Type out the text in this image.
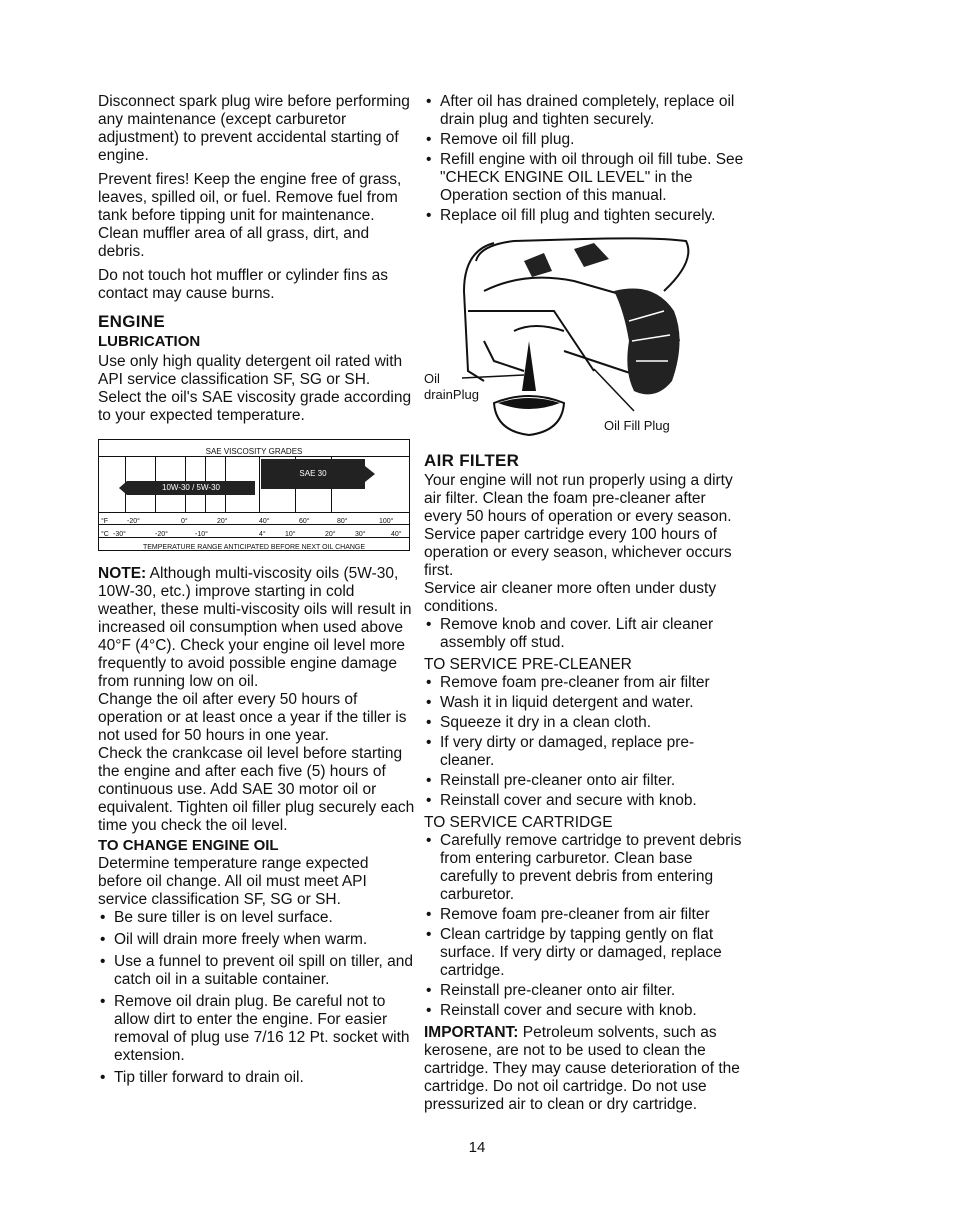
Disconnect spark plug wire before performing any maintenance (except carburetor adjustment) to prevent accidental starting of engine.

Prevent fires! Keep the engine free of grass, leaves, spilled oil, or fuel. Remove fuel from tank before tipping unit for maintenance. Clean muffler area of all grass, dirt, and debris.

Do not touch hot muffler or cylinder fins as contact may cause burns.

ENGINE
LUBRICATION

Use only high quality detergent oil rated with API service classification SF, SG or SH. Select the oil's SAE viscosity grade according to your expected temperature.

SAE VISCOSITY GRADES
10W-30 / 5W-30
SAE 30
°F	-20°	0°	20°	40°	60°	80°	100°
°C -30°	-20°	-10°	4°	10°	20°	30°	40°
TEMPERATURE RANGE ANTICIPATED BEFORE NEXT OIL CHANGE

NOTE: Although multi-viscosity oils (5W-30, 10W-30, etc.) improve starting in cold weather, these multi-viscosity oils will result in increased oil consumption when used above 40°F (4°C). Check your engine oil level more frequently to avoid possible engine damage from running low on oil.

Change the oil after every 50 hours of operation or at least once a year if the tiller is not used for 50 hours in one year.

Check the crankcase oil level before starting the engine and after each five (5) hours of continuous use. Add SAE 30 motor oil or equivalent. Tighten oil filler plug securely each time you check the oil level.

TO CHANGE ENGINE OIL

Determine temperature range expected before oil change. All oil must meet API service classification SF, SG or SH.

• Be sure tiller is on level surface.
• Oil will drain more freely when warm.
• Use a funnel to prevent oil spill on tiller, and catch oil in a suitable container.
• Remove oil drain plug. Be careful not to allow dirt to enter the engine. For easier removal of plug use 7/16 12 Pt. socket with extension.
• Tip tiller forward to drain oil.
• After oil has drained completely, replace oil drain plug and tighten securely.
• Remove oil fill plug.
• Refill engine with oil through oil fill tube. See "CHECK ENGINE OIL LEVEL" in the Operation section of this manual.
• Replace oil fill plug and tighten securely.
Oil
drainPlug
Oil Fill Plug
AIR FILTER

Your engine will not run properly using a dirty air filter. Clean the foam pre-cleaner after every 50 hours of operation or every season. Service paper cartridge every 100 hours of operation or every season, whichever occurs first.

Service air cleaner more often under dusty conditions.

• Remove knob and cover. Lift air cleaner assembly off stud.
TO SERVICE PRE-CLEANER
• Remove foam pre-cleaner from air filter
• Wash it in liquid detergent and water.
• Squeeze it dry in a clean cloth.
• If very dirty or damaged, replace pre-cleaner.
• Reinstall pre-cleaner onto air filter.
• Reinstall cover and secure with knob.
TO SERVICE CARTRIDGE
• Carefully remove cartridge to prevent debris from entering carburetor. Clean base carefully to prevent debris from entering carburetor.
• Remove foam pre-cleaner from air filter
• Clean cartridge by tapping gently on flat surface. If very dirty or damaged, replace cartridge.
• Reinstall pre-cleaner onto air filter.
• Reinstall cover and secure with knob.

IMPORTANT: Petroleum solvents, such as kerosene, are not to be used to clean the cartridge. They may cause deterioration of the cartridge. Do not oil cartridge. Do not use pressurized air to clean or dry cartridge.

14
